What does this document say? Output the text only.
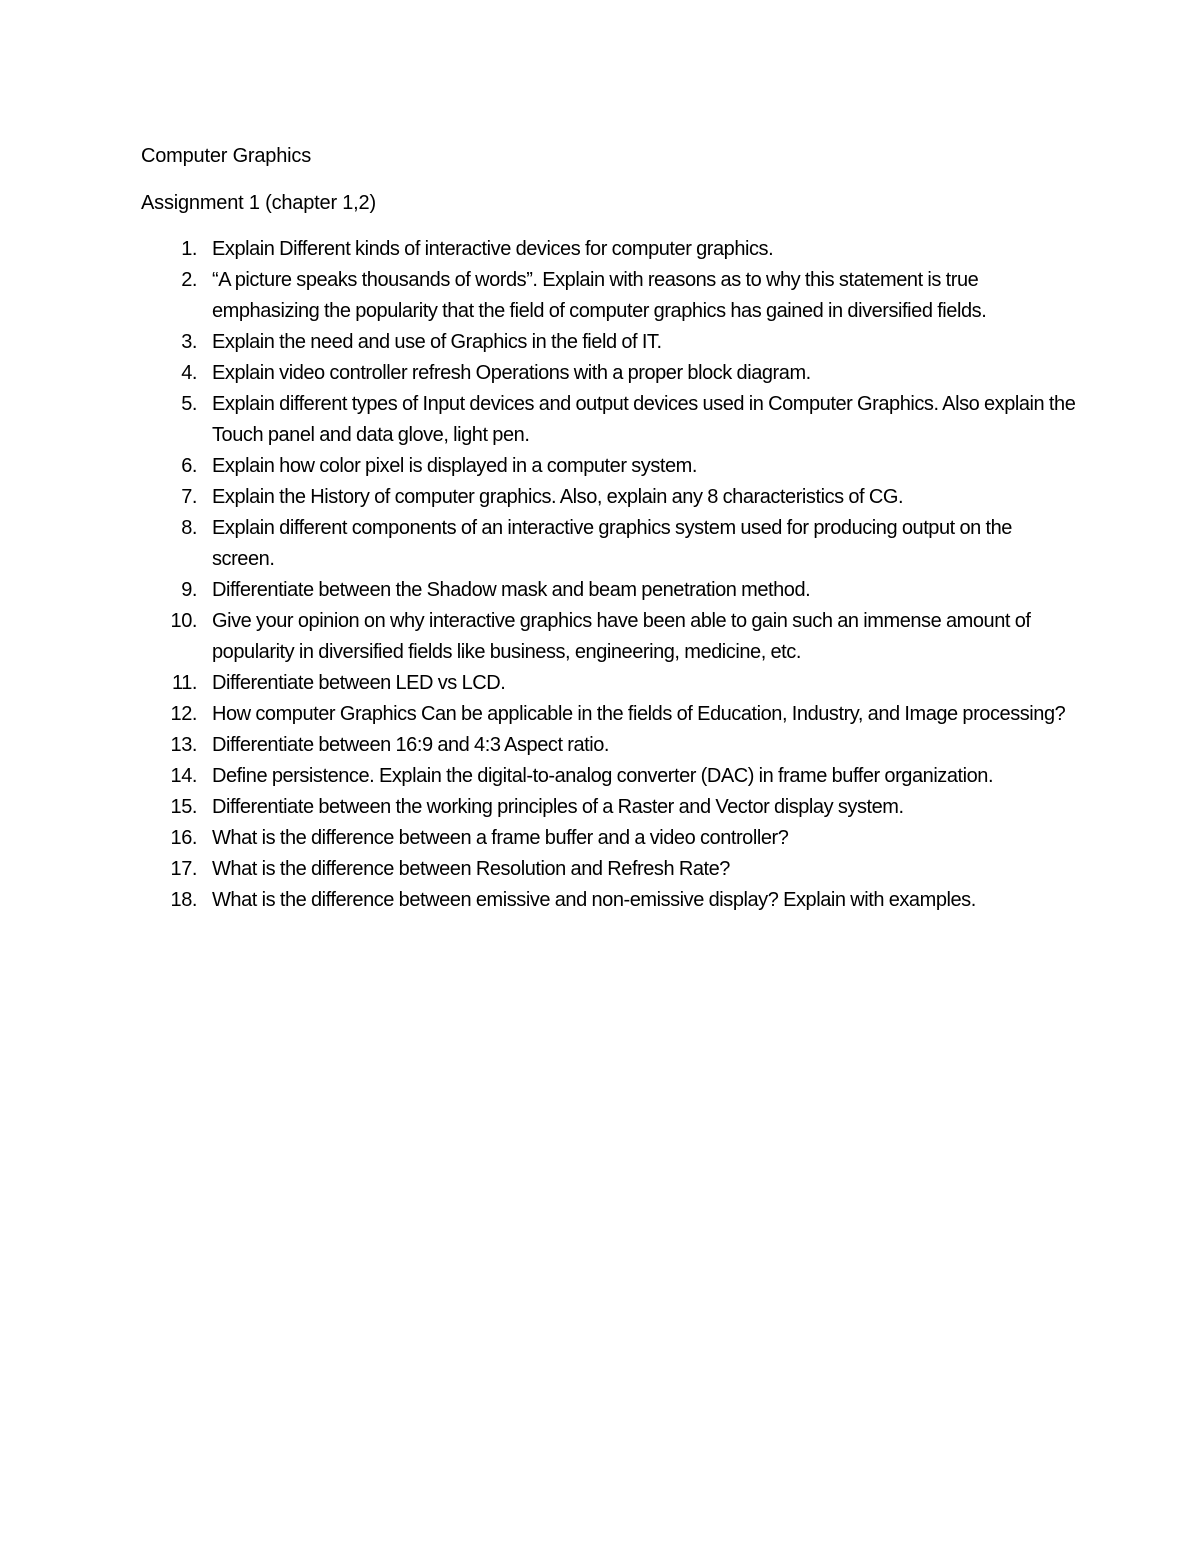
Computer Graphics
Assignment 1 (chapter 1,2)
1. Explain Different kinds of interactive devices for computer graphics.
2. “A picture speaks thousands of words”. Explain with reasons as to why this statement is true emphasizing the popularity that the field of computer graphics has gained in diversified fields.
3. Explain the need and use of Graphics in the field of IT.
4. Explain video controller refresh Operations with a proper block diagram.
5. Explain different types of Input devices and output devices used in Computer Graphics. Also explain the Touch panel and data glove, light pen.
6. Explain how color pixel is displayed in a computer system.
7. Explain the History of computer graphics. Also, explain any 8 characteristics of CG.
8. Explain different components of an interactive graphics system used for producing output on the screen.
9. Differentiate between the Shadow mask and beam penetration method.
10. Give your opinion on why interactive graphics have been able to gain such an immense amount of popularity in diversified fields like business, engineering, medicine, etc.
11. Differentiate between LED vs LCD.
12. How computer Graphics Can be applicable in the fields of Education, Industry, and Image processing?
13. Differentiate between 16:9 and 4:3 Aspect ratio.
14. Define persistence. Explain the digital-to-analog converter (DAC) in frame buffer organization.
15. Differentiate between the working principles of a Raster and Vector display system.
16. What is the difference between a frame buffer and a video controller?
17. What is the difference between Resolution and Refresh Rate?
18. What is the difference between emissive and non-emissive display? Explain with examples.
